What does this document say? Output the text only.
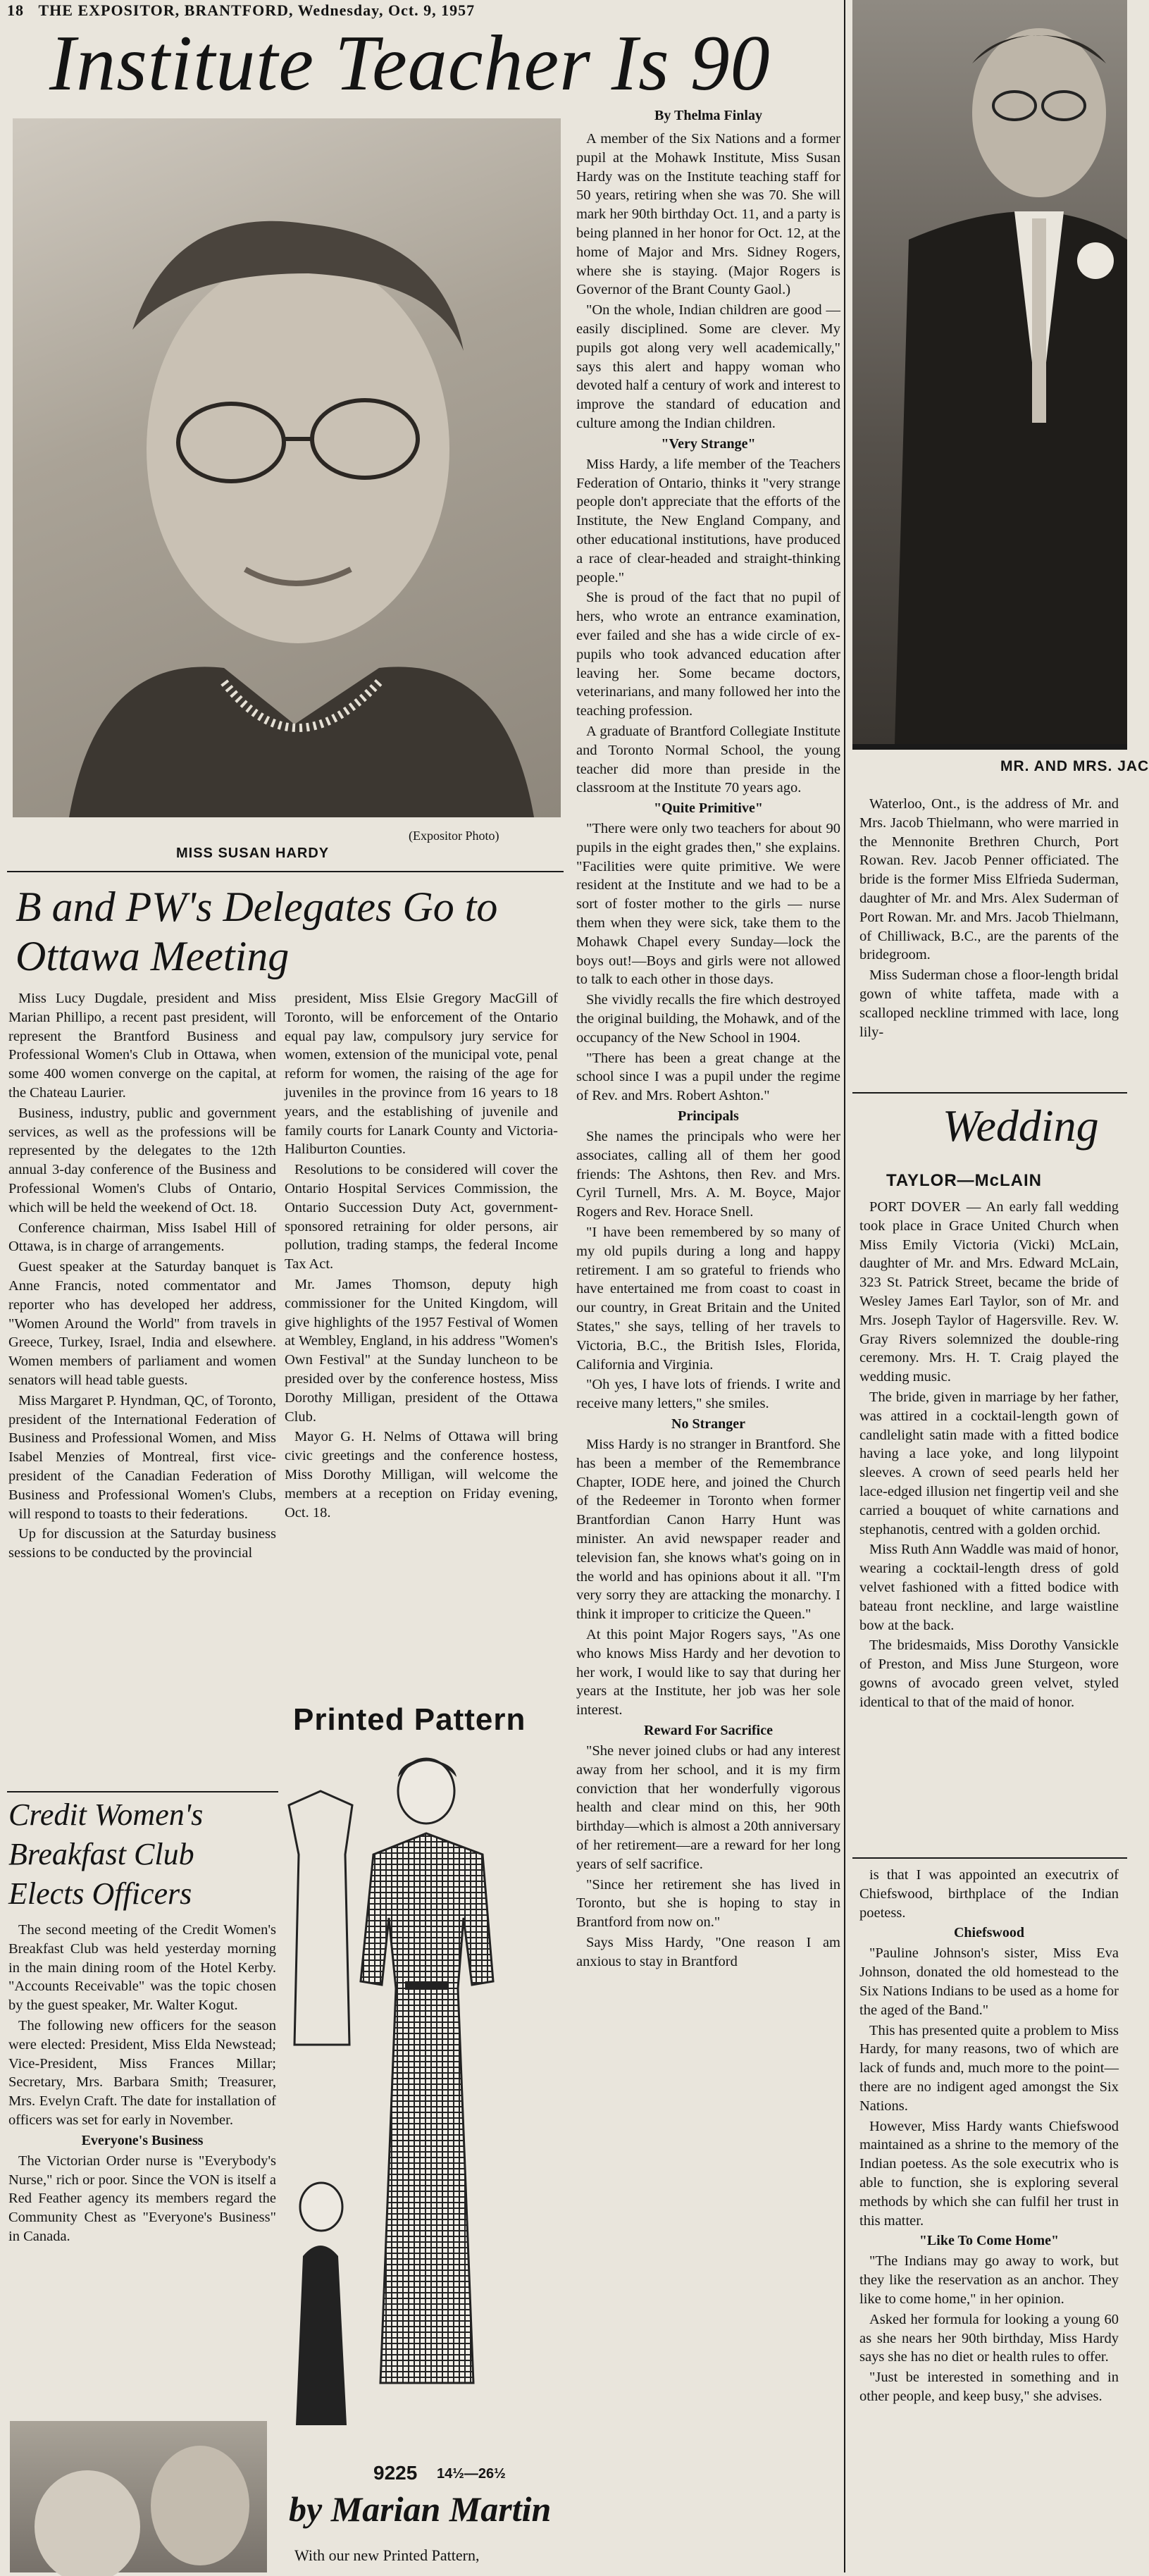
18 THE EXPOSITOR, BRANTFORD, Wednesday, Oct. 9, 1957
Institute Teacher Is 90
(Expositor Photo)
MISS SUSAN HARDY
By Thelma Finlay

A member of the Six Nations and a former pupil at the Mohawk Institute, Miss Susan Hardy was on the Institute teaching staff for 50 years, retiring when she was 70. She will mark her 90th birthday Oct. 11, and a party is being planned in her honor for Oct. 12, at the home of Major and Mrs. Sidney Rogers, where she is staying. (Major Rogers is Governor of the Brant County Gaol.)

"On the whole, Indian children are good — easily disciplined. Some are clever. My pupils got along very well academically," says this alert and happy woman who devoted half a century of work and interest to improve the standard of education and culture among the Indian children.

"Very Strange"

Miss Hardy, a life member of the Teachers Federation of Ontario, thinks it "very strange people don't appreciate that the efforts of the Institute, the New England Company, and other educational institutions, have produced a race of clear-headed and straight-thinking people."

She is proud of the fact that no pupil of hers, who wrote an entrance examination, ever failed and she has a wide circle of ex-pupils who took advanced education after leaving her. Some became doctors, veterinarians, and many followed her into the teaching profession.

A graduate of Brantford Collegiate Institute and Toronto Normal School, the young teacher did more than preside in the classroom at the Institute 70 years ago.

"Quite Primitive"

"There were only two teachers for about 90 pupils in the eight grades then," she explains. "Facilities were quite primitive. We were resident at the Institute and we had to be a sort of foster mother to the girls — nurse them when they were sick, take them to the Mohawk Chapel every Sunday—lock the boys out!—Boys and girls were not allowed to talk to each other in those days.

She vividly recalls the fire which destroyed the original building, the Mohawk, and of the occupancy of the New School in 1904.

"There has been a great change at the school since I was a pupil under the regime of Rev. and Mrs. Robert Ashton."

Principals

She names the principals who were her associates, calling all of them her good friends: The Ashtons, then Rev. and Mrs. Cyril Turnell, Mrs. A. M. Boyce, Major Rogers and Rev. Horace Snell.

"I have been remembered by so many of my old pupils during a long and happy retirement. I am so grateful to friends who have entertained me from coast to coast in our country, in Great Britain and the United States," she says, telling of her travels to Victoria, B.C., the British Isles, Florida, California and Virginia.

"Oh yes, I have lots of friends. I write and receive many letters," she smiles.

No Stranger

Miss Hardy is no stranger in Brantford. She has been a member of the Remembrance Chapter, IODE here, and joined the Church of the Redeemer in Toronto when former Brantfordian Canon Harry Hunt was minister. An avid newspaper reader and television fan, she knows what's going on in the world and has opinions about it all. "I'm very sorry they are attacking the monarchy. I think it improper to criticize the Queen."

At this point Major Rogers says, "As one who knows Miss Hardy and her devotion to her work, I would like to say that during her years at the Institute, her job was her sole interest.

Reward For Sacrifice

"She never joined clubs or had any interest away from her school, and it is my firm conviction that her wonderfully vigorous health and clear mind on this, her 90th birthday—which is almost a 20th anniversary of her retirement—are a reward for her long years of self sacrifice.

"Since her retirement she has lived in Toronto, but she is hoping to stay in Brantford from now on."

Says Miss Hardy, "One reason I am anxious to stay in Brantford

MR. AND MRS. JAC

Waterloo, Ont., is the address of Mr. and Mrs. Jacob Thielmann, who were married in the Mennonite Brethren Church, Port Rowan. Rev. Jacob Penner officiated. The bride is the former Miss Elfrieda Suderman, daughter of Mr. and Mrs. Alex Suderman of Port Rowan. Mr. and Mrs. Jacob Thielmann, of Chilliwack, B.C., are the parents of the bridegroom.

Miss Suderman chose a floor-length bridal gown of white taffeta, made with a scalloped neckline trimmed with lace, long lily-

Wedding
TAYLOR—McLAIN

PORT DOVER — An early fall wedding took place in Grace United Church when Miss Emily Victoria (Vicki) McLain, daughter of Mr. and Mrs. Edward McLain, 323 St. Patrick Street, became the bride of Wesley James Earl Taylor, son of Mr. and Mrs. Joseph Taylor of Hagersville. Rev. W. Gray Rivers solemnized the double-ring ceremony. Mrs. H. T. Craig played the wedding music.

The bride, given in marriage by her father, was attired in a cocktail-length gown of candlelight satin made with a fitted bodice having a lace yoke, and long lilypoint sleeves. A crown of seed pearls held her lace-edged illusion net fingertip veil and she carried a bouquet of white carnations and stephanotis, centred with a golden orchid.

Miss Ruth Ann Waddle was maid of honor, wearing a cocktail-length dress of gold velvet fashioned with a fitted bodice with bateau front neckline, and large waistline bow at the back.

The bridesmaids, Miss Dorothy Vansickle of Preston, and Miss June Sturgeon, wore gowns of avocado green velvet, styled identical to that of the maid of honor.

is that I was appointed an executrix of Chiefswood, birthplace of the Indian poetess.

Chiefswood

"Pauline Johnson's sister, Miss Eva Johnson, donated the old homestead to the Six Nations Indians to be used as a home for the aged of the Band."

This has presented quite a problem to Miss Hardy, for many reasons, two of which are lack of funds and, much more to the point—there are no indigent aged amongst the Six Nations.

However, Miss Hardy wants Chiefswood maintained as a shrine to the memory of the Indian poetess. As the sole executrix who is able to function, she is exploring several methods by which she can fulfil her trust in this matter.

"Like To Come Home"

"The Indians may go away to work, but they like the reservation as an anchor. They like to come home," in her opinion.

Asked her formula for looking a young 60 as she nears her 90th birthday, Miss Hardy says she has no diet or health rules to offer.

"Just be interested in something and in other people, and keep busy," she advises.

B and PW's Delegates Go to Ottawa Meeting

Miss Lucy Dugdale, president and Miss Marian Phillipo, a recent past president, will represent the Brantford Business and Professional Women's Club in Ottawa, when some 400 women converge on the capital, at the Chateau Laurier.

Business, industry, public and government services, as well as the professions will be represented by the delegates to the 12th annual 3-day conference of the Business and Professional Women's Clubs of Ontario, which will be held the weekend of Oct. 18.

Conference chairman, Miss Isabel Hill of Ottawa, is in charge of arrangements.

Guest speaker at the Saturday banquet is Anne Francis, noted commentator and reporter who has developed her address, "Women Around the World" from travels in Greece, Turkey, Israel, India and elsewhere. Women members of parliament and women senators will head table guests.

Miss Margaret P. Hyndman, QC, of Toronto, president of the International Federation of Business and Professional Women, and Miss Isabel Menzies of Montreal, first vice-president of the Canadian Federation of Business and Professional Women's Clubs, will respond to toasts to their federations.

Up for discussion at the Saturday business sessions to be conducted by the provincial

president, Miss Elsie Gregory MacGill of Toronto, will be enforcement of the Ontario equal pay law, compulsory jury service for women, extension of the municipal vote, penal reform for women, the raising of the age for juveniles in the province from 16 years to 18 years, and the establishing of juvenile and family courts for Lanark County and Victoria-Haliburton Counties.

Resolutions to be considered will cover the Ontario Hospital Services Commission, the Ontario Succession Duty Act, government-sponsored retraining for older persons, air pollution, trading stamps, the federal Income Tax Act.

Mr. James Thomson, deputy high commissioner for the United Kingdom, will give highlights of the 1957 Festival of Women at Wembley, England, in his address "Women's Own Festival" at the Sunday luncheon to be presided over by the conference hostess, Miss Dorothy Milligan, president of the Ottawa Club.

Mayor G. H. Nelms of Ottawa will bring civic greetings and the conference hostess, Miss Dorothy Milligan, will welcome the members at a reception on Friday evening, Oct. 18.

Credit Women's Breakfast Club Elects Officers

The second meeting of the Credit Women's Breakfast Club was held yesterday morning in the main dining room of the Hotel Kerby. "Accounts Receivable" was the topic chosen by the guest speaker, Mr. Walter Kogut.

The following new officers for the season were elected: President, Miss Elda Newstead; Vice-President, Miss Frances Millar; Secretary, Mrs. Barbara Smith; Treasurer, Mrs. Evelyn Craft. The date for installation of officers was set for early in November.

Everyone's Business

The Victorian Order nurse is "Everybody's Nurse," rich or poor. Since the VON is itself a Red Feather agency its members regard the Community Chest as "Everyone's Business" in Canada.

Printed Pattern
9225 14½—26½
by Marian Martin
With our new Printed Pattern,
